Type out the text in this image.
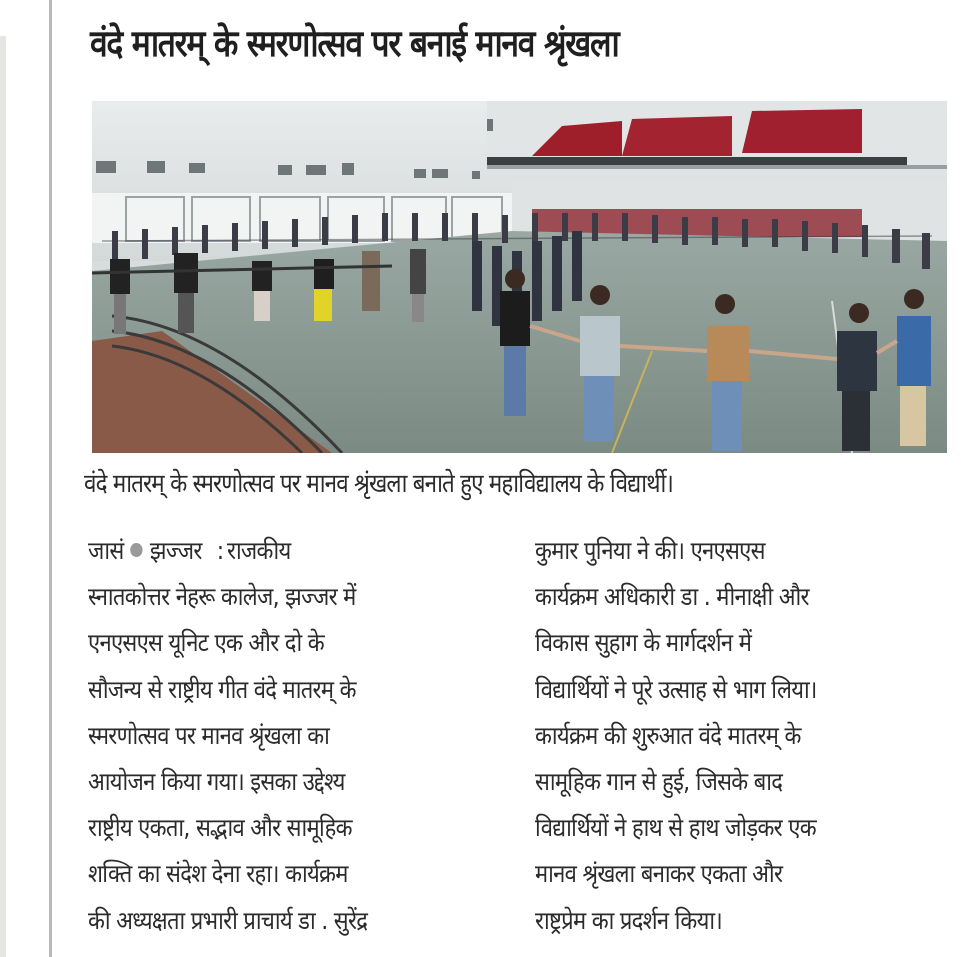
वंदे मातरम् के स्मरणोत्सव पर बनाई मानव श्रृंखला
वंदे मातरम् के स्मरणोत्सव पर मानव श्रृंखला बनाते हुए महाविद्यालय के विद्यार्थी।
जासं झज्जर : राजकीय
स्नातकोत्तर नेहरू कालेज, झज्जर में
एनएसएस यूनिट एक और दो के
सौजन्य से राष्ट्रीय गीत वंदे मातरम् के
स्मरणोत्सव पर मानव श्रृंखला का
आयोजन किया गया। इसका उद्देश्य
राष्ट्रीय एकता, सद्भाव और सामूहिक
शक्ति का संदेश देना रहा। कार्यक्रम
की अध्यक्षता प्रभारी प्राचार्य डा . सुरेंद्र
कुमार पुनिया ने की। एनएसएस
कार्यक्रम अधिकारी डा . मीनाक्षी और
विकास सुहाग के मार्गदर्शन में
विद्यार्थियों ने पूरे उत्साह से भाग लिया।
कार्यक्रम की शुरुआत वंदे मातरम् के
सामूहिक गान से हुई, जिसके बाद
विद्यार्थियों ने हाथ से हाथ जोड़कर एक
मानव श्रृंखला बनाकर एकता और
राष्ट्रप्रेम का प्रदर्शन किया।
